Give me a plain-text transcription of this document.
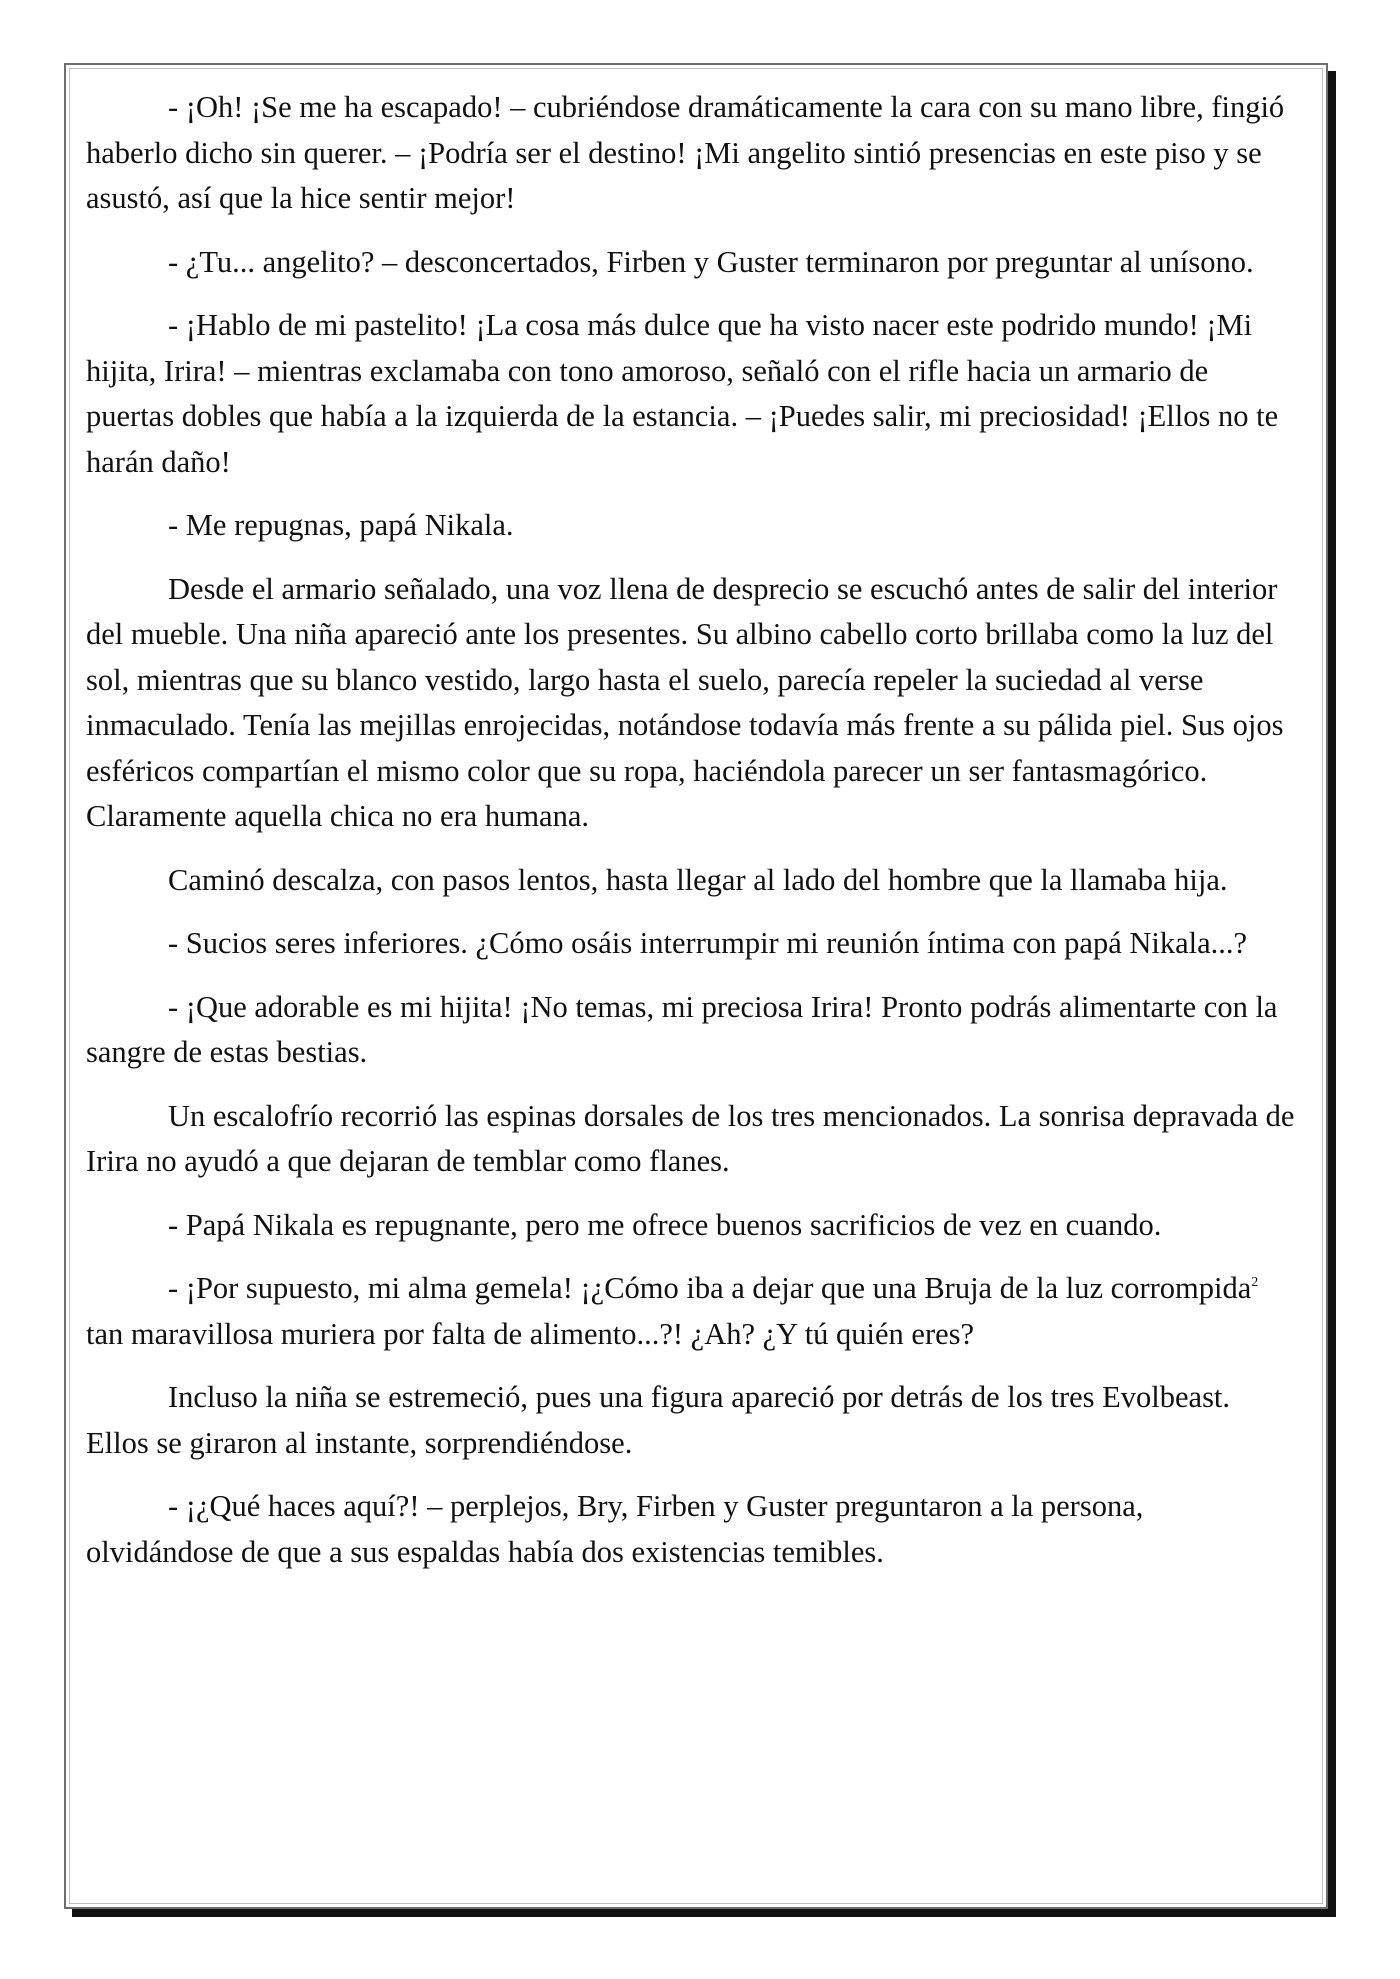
- ¡Oh! ¡Se me ha escapado! – cubriéndose dramáticamente la cara con su mano libre, fingió haberlo dicho sin querer. – ¡Podría ser el destino! ¡Mi angelito sintió presencias en este piso y se asustó, así que la hice sentir mejor!

- ¿Tu... angelito? – desconcertados, Firben y Guster terminaron por preguntar al unísono.

- ¡Hablo de mi pastelito! ¡La cosa más dulce que ha visto nacer este podrido mundo! ¡Mi hijita, Irira! – mientras exclamaba con tono amoroso, señaló con el rifle hacia un armario de puertas dobles que había a la izquierda de la estancia. – ¡Puedes salir, mi preciosidad! ¡Ellos no te harán daño!

- Me repugnas, papá Nikala.

Desde el armario señalado, una voz llena de desprecio se escuchó antes de salir del interior del mueble. Una niña apareció ante los presentes. Su albino cabello corto brillaba como la luz del sol, mientras que su blanco vestido, largo hasta el suelo, parecía repeler la suciedad al verse inmaculado. Tenía las mejillas enrojecidas, notándose todavía más frente a su pálida piel. Sus ojos esféricos compartían el mismo color que su ropa, haciéndola parecer un ser fantasmagórico. Claramente aquella chica no era humana.

Caminó descalza, con pasos lentos, hasta llegar al lado del hombre que la llamaba hija.

- Sucios seres inferiores. ¿Cómo osáis interrumpir mi reunión íntima con papá Nikala...?

- ¡Que adorable es mi hijita! ¡No temas, mi preciosa Irira! Pronto podrás alimentarte con la sangre de estas bestias.

Un escalofrío recorrió las espinas dorsales de los tres mencionados. La sonrisa depravada de Irira no ayudó a que dejaran de temblar como flanes.

- Papá Nikala es repugnante, pero me ofrece buenos sacrificios de vez en cuando.

- ¡Por supuesto, mi alma gemela! ¡¿Cómo iba a dejar que una Bruja de la luz corrompida$^2$ tan maravillosa muriera por falta de alimento...?! ¿Ah? ¿Y tú quién eres?

Incluso la niña se estremeció, pues una figura apareció por detrás de los tres Evolbeast. Ellos se giraron al instante, sorprendiéndose.

- ¡¿Qué haces aquí?! – perplejos, Bry, Firben y Guster preguntaron a la persona, olvidándose de que a sus espaldas había dos existencias temibles.
